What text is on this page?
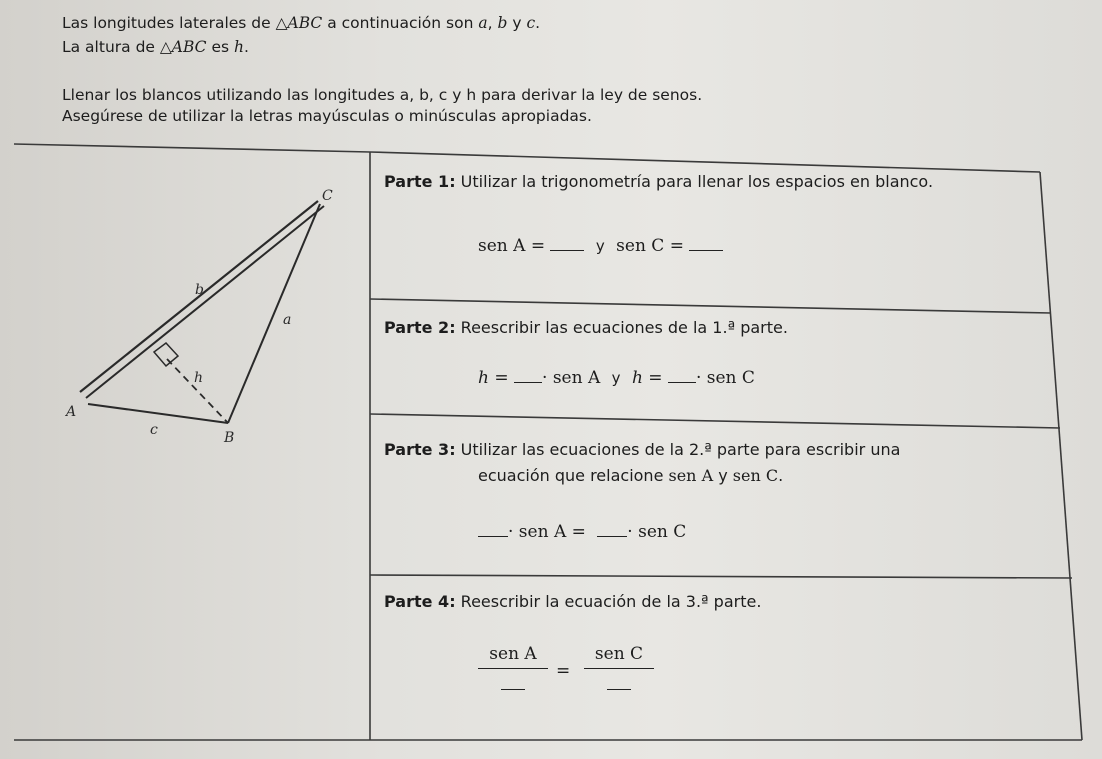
Las longitudes laterales de △ABC a continuación son a, b y c.
La altura de △ABC es h.
Llenar los blancos utilizando las longitudes a, b, c y h para derivar la ley de senos.
Asegúrese de utilizar la letras mayúsculas o minúsculas apropiadas.
C
b
a
h
A
c	B
Parte 1: Utilizar la trigonometría para llenar los espacios en blanco.
sen A =	y sen C =
Parte 2: Reescribir las ecuaciones de la 1.ª parte.
h = · sen A y h = · sen C
Parte 3: Utilizar las ecuaciones de la 2.ª parte para escribir una
ecuación que relacione sen A y sen C.
· sen A = · sen C
Parte 4: Reescribir la ecuación de la 3.ª parte.
sen A
=
sen C
